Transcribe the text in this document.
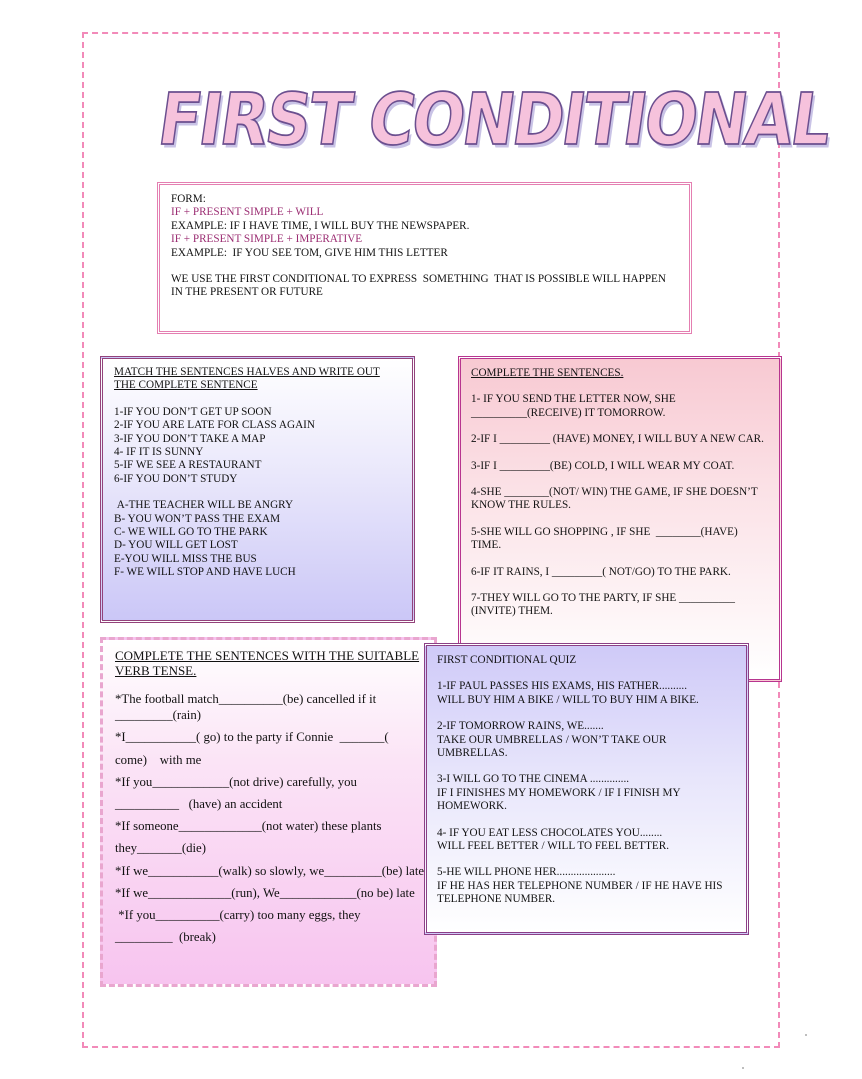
FIRST CONDITIONAL
FORM:
IF + PRESENT SIMPLE + WILL
EXAMPLE: IF I HAVE TIME, I WILL BUY THE NEWSPAPER.
IF + PRESENT SIMPLE + IMPERATIVE
EXAMPLE:  IF YOU SEE TOM, GIVE HIM THIS LETTER
WE USE THE FIRST CONDITIONAL TO EXPRESS  SOMETHING  THAT IS POSSIBLE WILL HAPPEN IN THE PRESENT OR FUTURE
MATCH THE SENTENCES HALVES AND WRITE OUT THE COMPLETE SENTENCE
1-IF YOU DON’T GET UP SOON
2-IF YOU ARE LATE FOR CLASS AGAIN
3-IF YOU DON’T TAKE A MAP
4- IF IT IS SUNNY
5-IF WE SEE A RESTAURANT
6-IF YOU DON’T STUDY
A-THE TEACHER WILL BE ANGRY
B- YOU WON’T PASS THE EXAM
C- WE WILL GO TO THE PARK
D- YOU WILL GET LOST
E-YOU WILL MISS THE BUS
F- WE WILL STOP AND HAVE LUCH
COMPLETE THE SENTENCES.
1- IF YOU SEND THE LETTER NOW, SHE __________(RECEIVE) IT TOMORROW.
2-IF I _________ (HAVE) MONEY, I WILL BUY A NEW CAR.
3-IF I _________(BE) COLD, I WILL WEAR MY COAT.
4-SHE ________(NOT/ WIN) THE GAME, IF SHE DOESN’T KNOW THE RULES.
5-SHE WILL GO SHOPPING , IF SHE  ________(HAVE) TIME.
6-IF IT RAINS, I _________( NOT/GO) TO THE PARK.
7-THEY WILL GO TO THE PARTY, IF SHE __________ (INVITE) THEM.
COMPLETE THE SENTENCES WITH THE SUITABLE VERB TENSE.
*The football match__________(be) cancelled if it
_________(rain)
*I___________( go) to the party if Connie  _______(
come)    with me
*If you____________(not drive) carefully, you
__________   (have) an accident
*If someone_____________(not water) these plants
they_______(die)
*If we___________(walk) so slowly, we_________(be) late
*If we_____________(run), We____________(no be) late
*If you__________(carry) too many eggs, they
_________  (break)
FIRST CONDITIONAL QUIZ
1-IF PAUL PASSES HIS EXAMS, HIS FATHER..........
WILL BUY HIM A BIKE / WILL TO BUY HIM A BIKE.
2-IF TOMORROW RAINS, WE.......
TAKE OUR UMBRELLAS / WON’T TAKE OUR UMBRELLAS.
3-I WILL GO TO THE CINEMA ..............
IF I FINISHES MY HOMEWORK / IF I FINISH MY HOMEWORK.
4- IF YOU EAT LESS CHOCOLATES YOU........
WILL FEEL BETTER / WILL TO FEEL BETTER.
5-HE WILL PHONE HER.....................
IF HE HAS HER TELEPHONE NUMBER / IF HE HAVE HIS TELEPHONE NUMBER.
